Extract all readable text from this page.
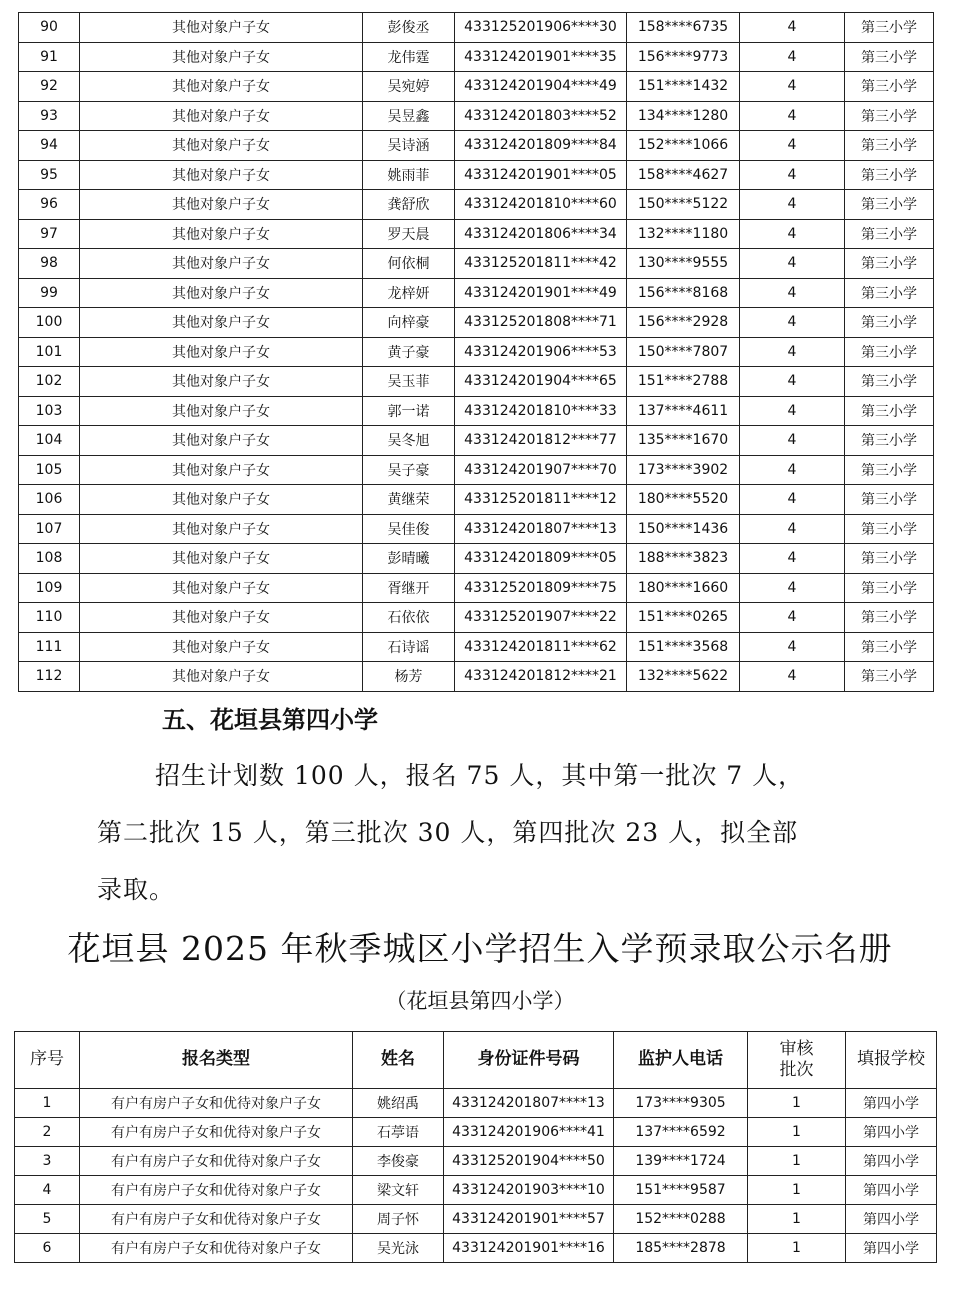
90	其他对象户子女	彭俊丞	433125201906****30	158****6735	4	第三小学
91	其他对象户子女	龙伟霆	433124201901****35	156****9773	4	第三小学
92	其他对象户子女	吴宛婷	433124201904****49	151****1432	4	第三小学
93	其他对象户子女	吴昱鑫	433124201803****52	134****1280	4	第三小学
94	其他对象户子女	吴诗涵	433124201809****84	152****1066	4	第三小学
95	其他对象户子女	姚雨菲	433124201901****05	158****4627	4	第三小学
96	其他对象户子女	龚舒欣	433124201810****60	150****5122	4	第三小学
97	其他对象户子女	罗天晨	433124201806****34	132****1180	4	第三小学
98	其他对象户子女	何依桐	433125201811****42	130****9555	4	第三小学
99	其他对象户子女	龙梓妍	433124201901****49	156****8168	4	第三小学
100	其他对象户子女	向梓豪	433125201808****71	156****2928	4	第三小学
101	其他对象户子女	黄子豪	433124201906****53	150****7807	4	第三小学
102	其他对象户子女	吴玉菲	433124201904****65	151****2788	4	第三小学
103	其他对象户子女	郭一诺	433124201810****33	137****4611	4	第三小学
104	其他对象户子女	吴冬旭	433124201812****77	135****1670	4	第三小学
105	其他对象户子女	吴子豪	433124201907****70	173****3902	4	第三小学
106	其他对象户子女	黄继荣	433125201811****12	180****5520	4	第三小学
107	其他对象户子女	吴佳俊	433124201807****13	150****1436	4	第三小学
108	其他对象户子女	彭晴曦	433124201809****05	188****3823	4	第三小学
109	其他对象户子女	胥继开	433125201809****75	180****1660	4	第三小学
110	其他对象户子女	石依依	433125201907****22	151****0265	4	第三小学
111	其他对象户子女	石诗谣	433124201811****62	151****3568	4	第三小学
112	其他对象户子女	杨芳	433124201812****21	132****5622	4	第三小学
五、花垣县第四小学
招生计划数 100 人，报名 75 人，其中第一批次 7 人，
第二批次 15 人，第三批次 30 人，第四批次 23 人，拟全部
录取。
花垣县 2025 年秋季城区小学招生入学预录取公示名册
（花垣县第四小学）
序号	报名类型	姓名	身份证件号码	监护人电话	审核批次	填报学校
1	有户有房户子女和优待对象户子女	姚绍禹	433124201807****13	173****9305	1	第四小学
2	有户有房户子女和优待对象户子女	石葶语	433124201906****41	137****6592	1	第四小学
3	有户有房户子女和优待对象户子女	李俊豪	433125201904****50	139****1724	1	第四小学
4	有户有房户子女和优待对象户子女	梁文轩	433124201903****10	151****9587	1	第四小学
5	有户有房户子女和优待对象户子女	周子怀	433124201901****57	152****0288	1	第四小学
6	有户有房户子女和优待对象户子女	吴光泳	433124201901****16	185****2878	1	第四小学
